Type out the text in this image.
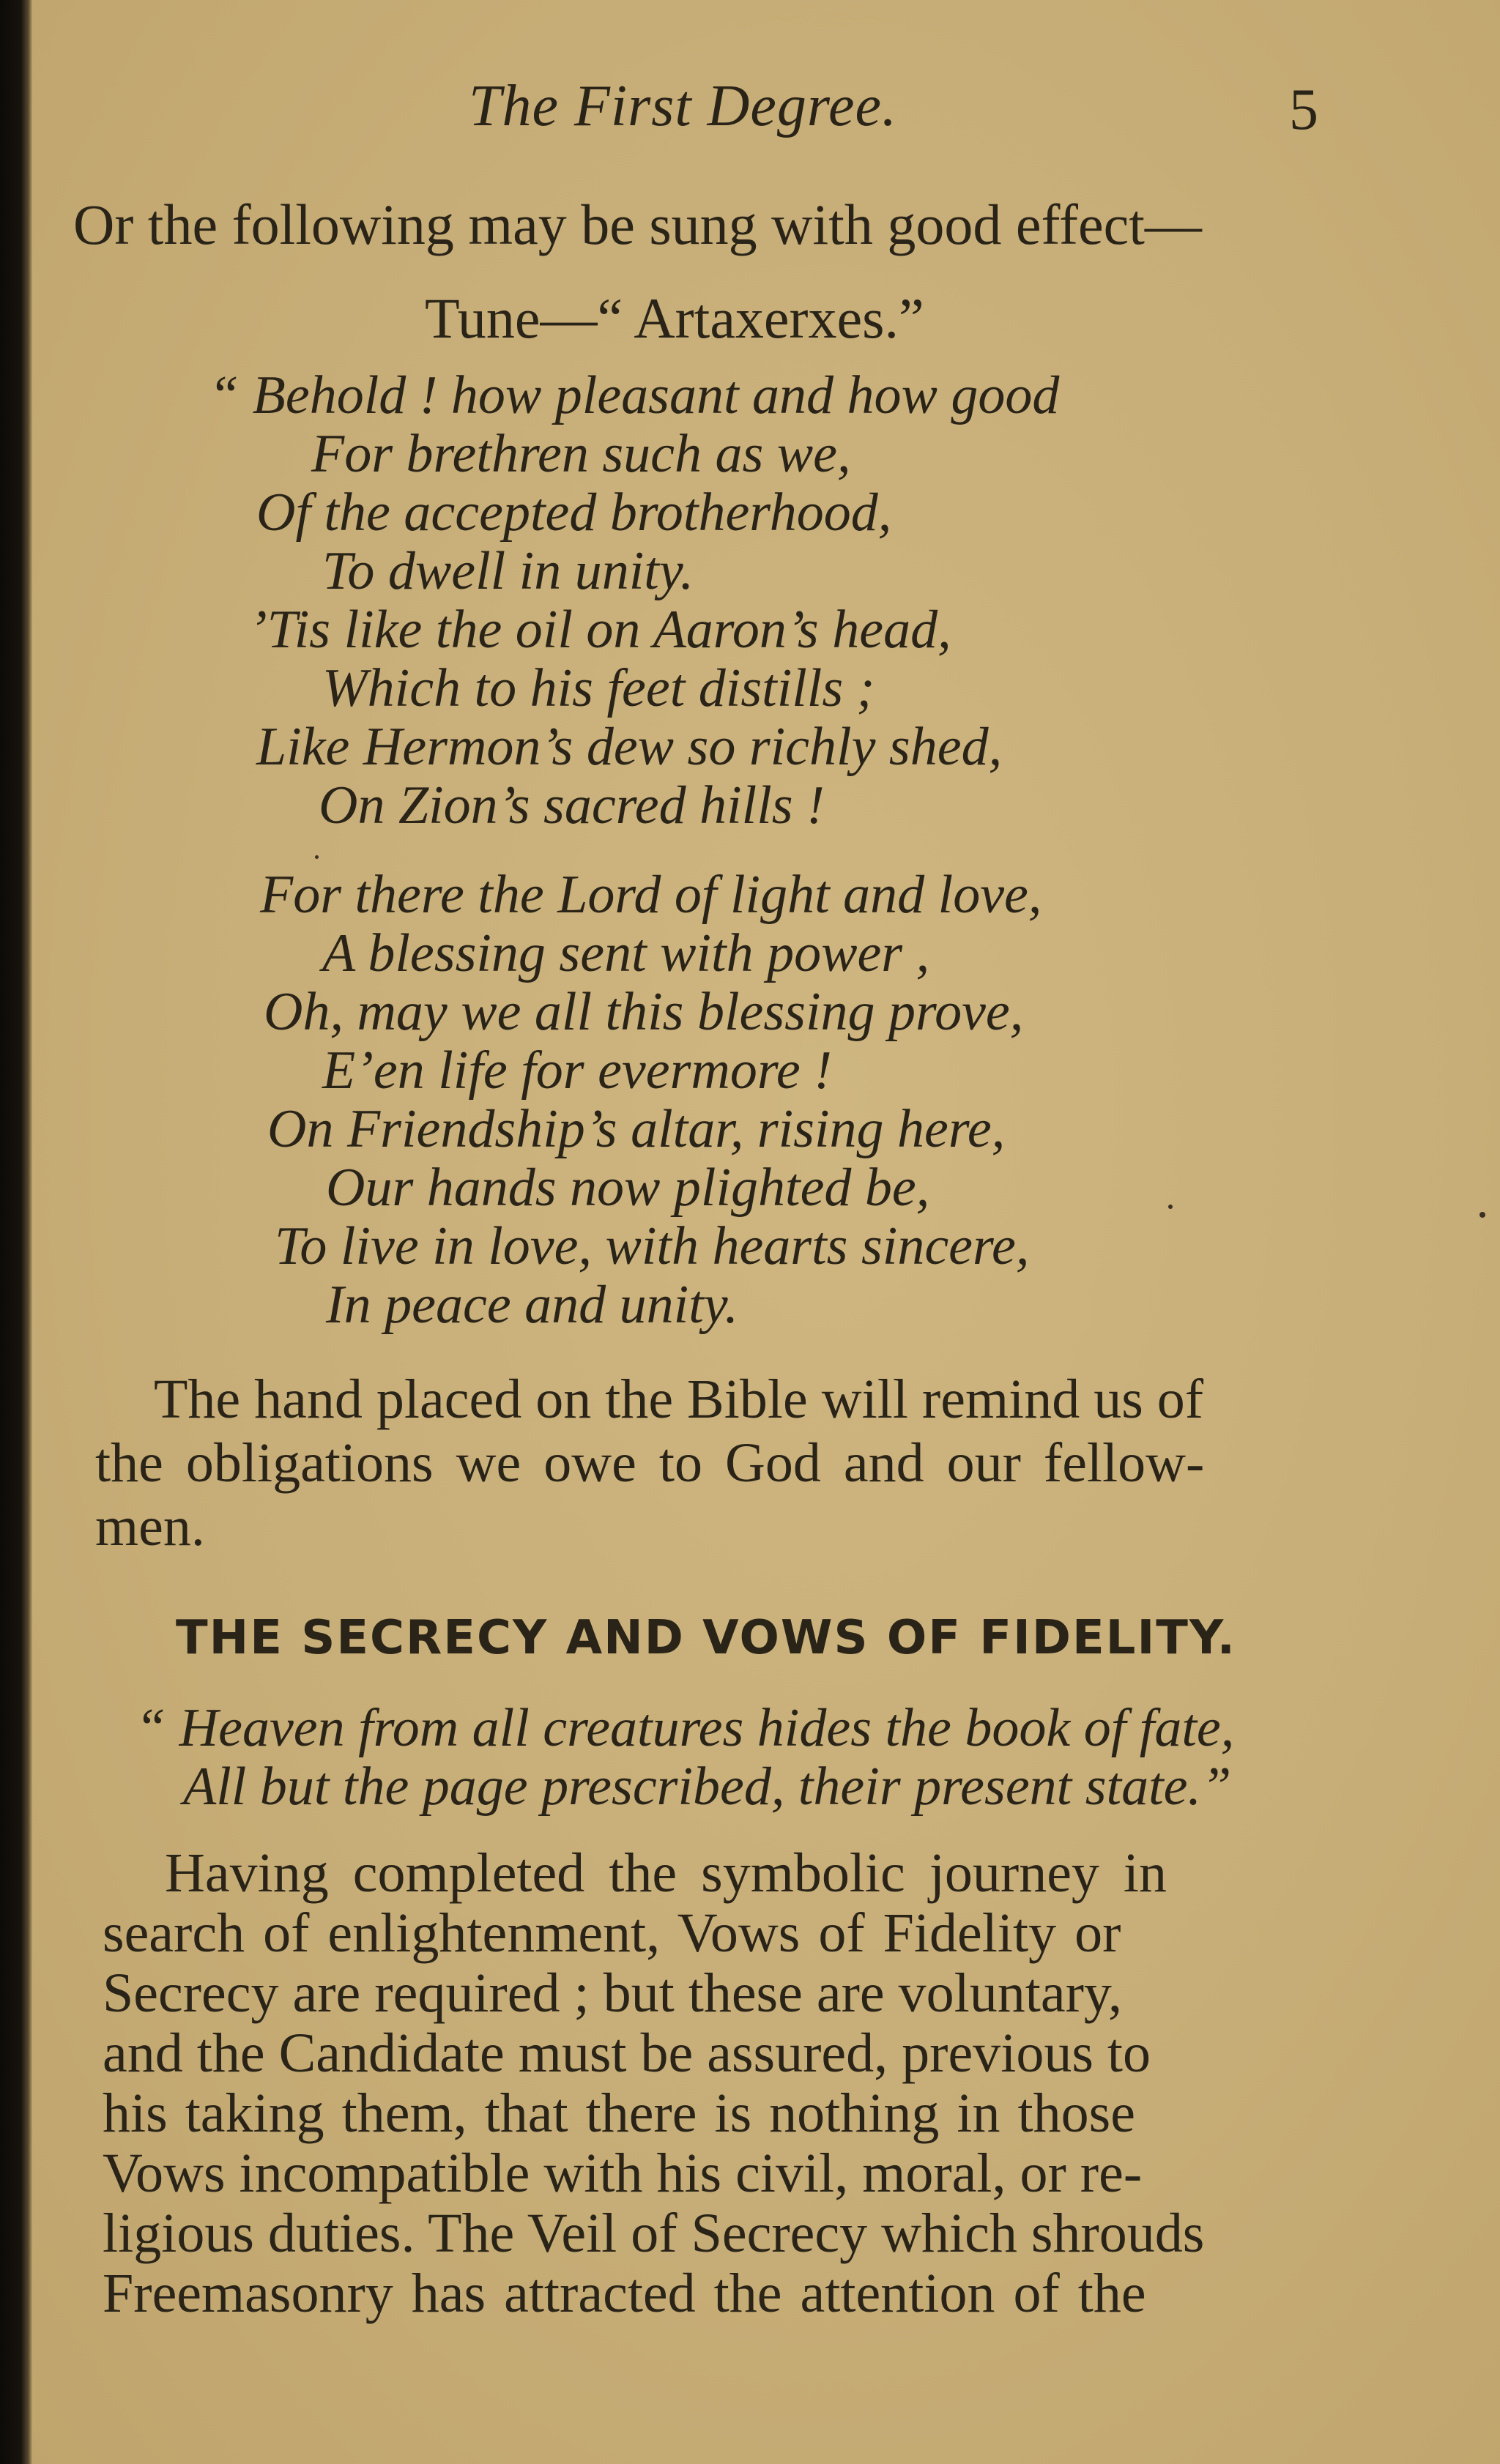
The First Degree.	5
Or the following may be sung with good effect—
Tune—“ Artaxerxes.”
“ Behold ! how pleasant and how good
For brethren such as we,
Of the accepted brotherhood,
To dwell in unity.
’Tis like the oil on Aaron’s head,
Which to his feet distills ;
Like Hermon’s dew so richly shed,
On Zion’s sacred hills !
For there the Lord of light and love,
A blessing sent with power ,
Oh, may we all this blessing prove,
E’en life for evermore !
On Friendship’s altar, rising here,
Our hands now plighted be,
To live in love, with hearts sincere,
In peace and unity.
The hand placed on the Bible will remind us of
the obligations we owe to God and our fellow-
men.
THE SECRECY AND VOWS OF FIDELITY.
“ Heaven from all creatures hides the book of fate,
All but the page prescribed, their present state.”
Having completed the symbolic journey in
search of enlightenment, Vows of Fidelity or
Secrecy are required ; but these are voluntary,
and the Candidate must be assured, previous to
his taking them, that there is nothing in those
Vows incompatible with his civil, moral, or re-
ligious duties. The Veil of Secrecy which shrouds
Freemasonry has attracted the attention of the
